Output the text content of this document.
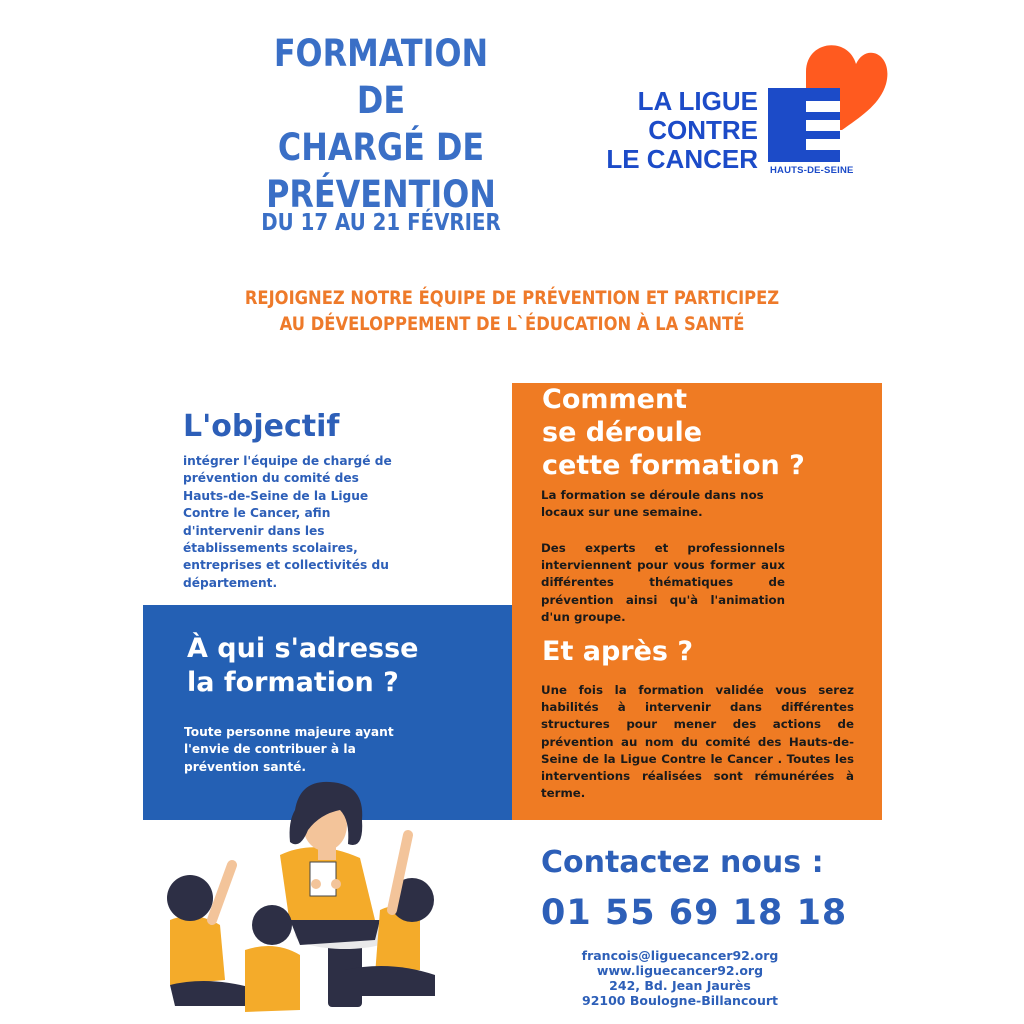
FORMATION DE
CHARGÉ DE
PRÉVENTION
DU 17 AU 21 FÉVRIER
LA LIGUE
CONTRE
LE CANCER HAUTS-DE-SEINE
REJOIGNEZ NOTRE ÉQUIPE DE PRÉVENTION ET PARTICIPEZ
AU DÉVELOPPEMENT DE L`ÉDUCATION À LA SANTÉ
L'objectif
intégrer l'équipe de chargé de
prévention du comité des
Hauts-de-Seine de la Ligue
Contre le Cancer, afin
d'intervenir dans les
établissements scolaires,
entreprises et collectivités du
département.
À qui s'adresse
la formation ?
Toute personne majeure ayant
l'envie de contribuer à la
prévention santé.
Comment
se déroule
cette formation ?
La formation se déroule dans nos
locaux sur une semaine.
Des experts et professionnels interviennent pour vous former aux différentes thématiques de prévention ainsi qu'à l'animation d'un groupe.
Et après ?
Une fois la formation validée vous serez habilités à intervenir dans différentes structures pour mener des actions de prévention au nom du comité des Hauts-de-Seine de la Ligue Contre le Cancer . Toutes les interventions réalisées sont rémunérées à terme.
Contactez nous :
01 55 69 18 18
francois@liguecancer92.org
www.liguecancer92.org
242, Bd. Jean Jaurès
92100 Boulogne-Billancourt
